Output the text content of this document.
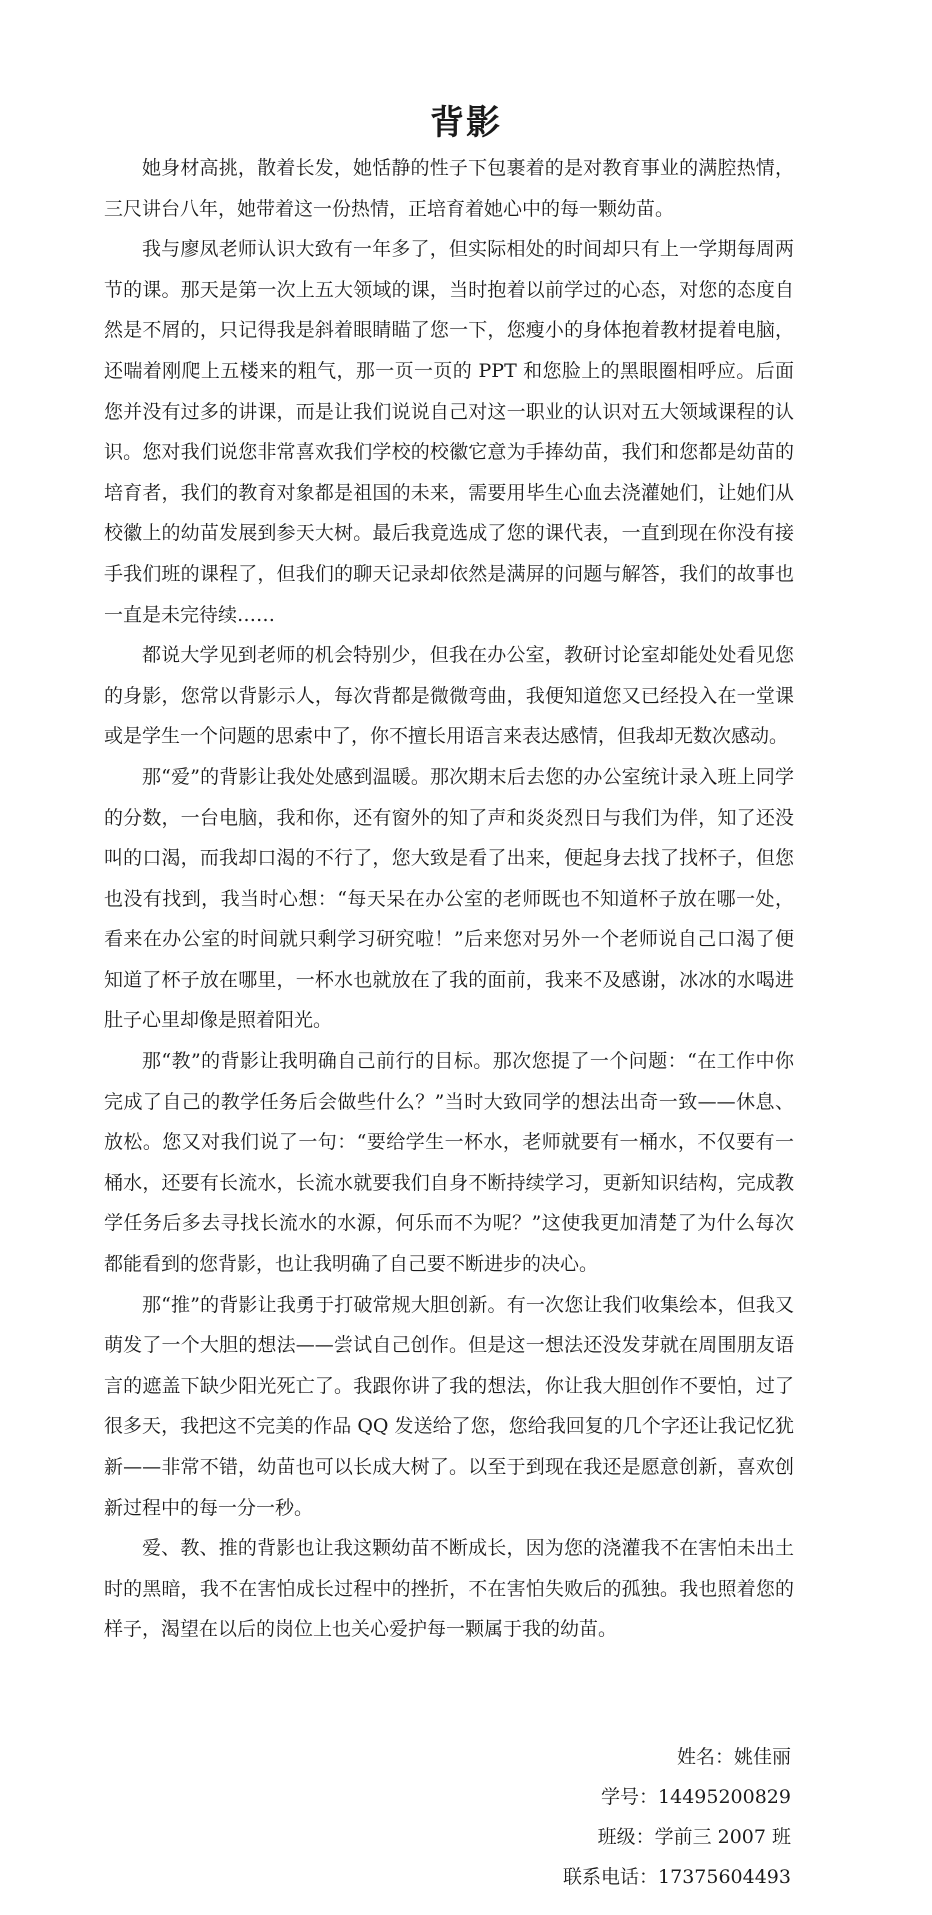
背影

她身材高挑，散着长发，她恬静的性子下包裹着的是对教育事业的满腔热情，三尺讲台八年，她带着这一份热情，正培育着她心中的每一颗幼苗。

我与廖凤老师认识大致有一年多了，但实际相处的时间却只有上一学期每周两节的课。那天是第一次上五大领域的课，当时抱着以前学过的心态，对您的态度自然是不屑的，只记得我是斜着眼睛瞄了您一下，您瘦小的身体抱着教材提着电脑，还喘着刚爬上五楼来的粗气，那一页一页的 PPT 和您脸上的黑眼圈相呼应。后面您并没有过多的讲课，而是让我们说说自己对这一职业的认识对五大领域课程的认识。您对我们说您非常喜欢我们学校的校徽它意为手捧幼苗，我们和您都是幼苗的培育者，我们的教育对象都是祖国的未来，需要用毕生心血去浇灌她们，让她们从校徽上的幼苗发展到参天大树。最后我竟选成了您的课代表，一直到现在你没有接手我们班的课程了，但我们的聊天记录却依然是满屏的问题与解答，我们的故事也一直是未完待续……

都说大学见到老师的机会特别少，但我在办公室，教研讨论室却能处处看见您的身影，您常以背影示人，每次背都是微微弯曲，我便知道您又已经投入在一堂课或是学生一个问题的思索中了，你不擅长用语言来表达感情，但我却无数次感动。

那“爱”的背影让我处处感到温暖。那次期末后去您的办公室统计录入班上同学的分数，一台电脑，我和你，还有窗外的知了声和炎炎烈日与我们为伴，知了还没叫的口渴，而我却口渴的不行了，您大致是看了出来，便起身去找了找杯子，但您也没有找到，我当时心想：“每天呆在办公室的老师既也不知道杯子放在哪一处，看来在办公室的时间就只剩学习研究啦！”后来您对另外一个老师说自己口渴了便知道了杯子放在哪里，一杯水也就放在了我的面前，我来不及感谢，冰冰的水喝进肚子心里却像是照着阳光。

那“教”的背影让我明确自己前行的目标。那次您提了一个问题：“在工作中你完成了自己的教学任务后会做些什么？”当时大致同学的想法出奇一致——休息、放松。您又对我们说了一句：“要给学生一杯水，老师就要有一桶水，不仅要有一桶水，还要有长流水，长流水就要我们自身不断持续学习，更新知识结构，完成教学任务后多去寻找长流水的水源，何乐而不为呢？”这使我更加清楚了为什么每次都能看到的您背影，也让我明确了自己要不断进步的决心。

那“推”的背影让我勇于打破常规大胆创新。有一次您让我们收集绘本，但我又萌发了一个大胆的想法——尝试自己创作。但是这一想法还没发芽就在周围朋友语言的遮盖下缺少阳光死亡了。我跟你讲了我的想法，你让我大胆创作不要怕，过了很多天，我把这不完美的作品 QQ 发送给了您，您给我回复的几个字还让我记忆犹新——非常不错，幼苗也可以长成大树了。以至于到现在我还是愿意创新，喜欢创新过程中的每一分一秒。

爱、教、推的背影也让我这颗幼苗不断成长，因为您的浇灌我不在害怕未出土时的黑暗，我不在害怕成长过程中的挫折，不在害怕失败后的孤独。我也照着您的样子，渴望在以后的岗位上也关心爱护每一颗属于我的幼苗。

姓名：姚佳丽
学号：14495200829
班级：学前三 2007 班
联系电话：17375604493
